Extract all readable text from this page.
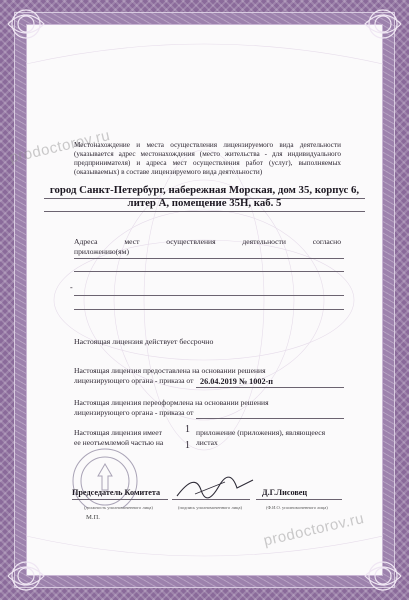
prodoctorov.ru
prodoctorov.ru
Местонахождение и места осуществления лицензируемого вида деятельности (указывается адрес местонахождения (место жительства - для индивидуального предпринимателя) и адреса мест осуществления работ (услуг), выполняемых (оказываемых) в составе лицензируемого вида деятельности)
город Санкт-Петербург, набережная Морская, дом 35, корпус 6, литер А, помещение 35Н, каб. 5
Адреса мест осуществления деятельности согласно
приложению(ям)
-
Настоящая лицензия действует бессрочно
Настоящая лицензия предоставлена на основании решения
лицензирующего органа - приказа от 26.04.2019 № 1002-п
Настоящая лицензия переоформлена на основании решения
лицензирующего органа - приказа от
Настоящая лицензия имеет
ее неотъемлемой частью на
1
1
приложение (приложения), являющееся
листах
Председатель Комитета
(должность уполномоченного лица)	(подпись уполномоченного лица)
Д.Г.Лисовец
(Ф.И.О. уполномоченного лица)
М.П.
